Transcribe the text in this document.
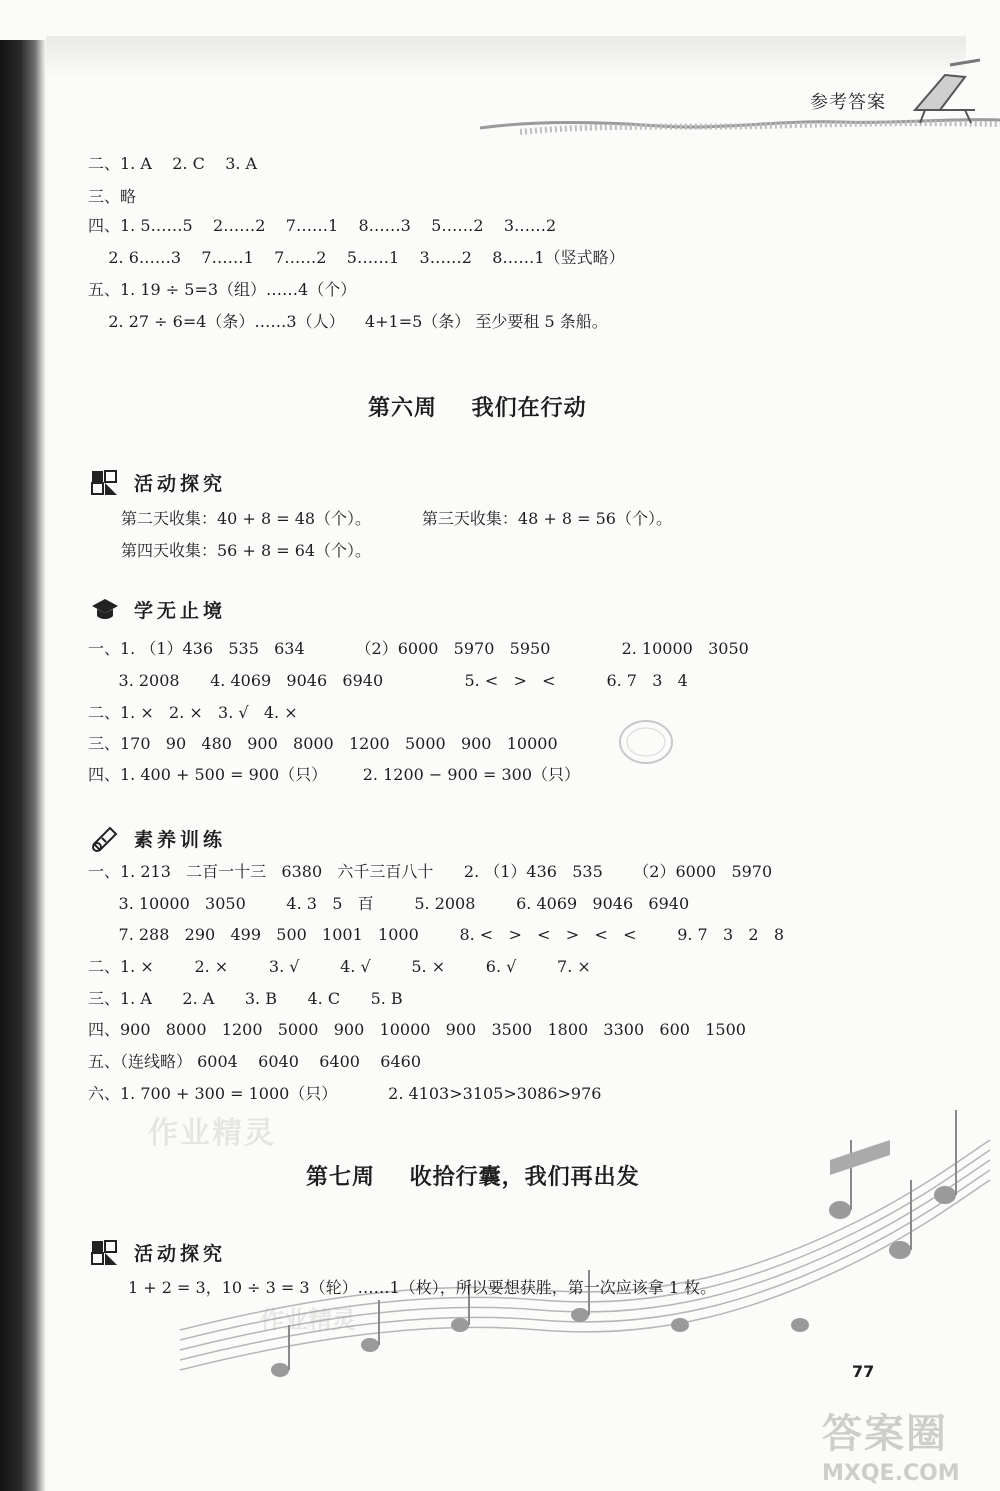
参考答案
二、1. A    2. C    3. A
三、略
四、1. 5……5    2……2    7……1    8……3    5……2    3……2
2. 6……3    7……1    7……2    5……1    3……2    8……1（竖式略）
五、1. 19 ÷ 5=3（组）……4（个）
2. 27 ÷ 6=4（条）……3（人）    4+1=5（条） 至少要租 5 条船。
第六周    我们在行动
活动探究
第二天收集：40 + 8 = 48（个）。          第三天收集：48 + 8 = 56（个）。
第四天收集：56 + 8 = 64（个）。
学无止境
一、1. （1）436   535   634          （2）6000   5970   5950              2. 10000   3050
3. 2008      4. 4069   9046   6940                5. <   >   <          6. 7   3   4
二、1. ×   2. ×   3. √   4. ×
三、170   90   480   900   8000   1200   5000   900   10000
四、1. 400 + 500 = 900（只）       2. 1200 − 900 = 300（只）
素养训练
一、1. 213   二百一十三   6380   六千三百八十      2. （1）436   535      （2）6000   5970
3. 10000   3050        4. 3   5   百        5. 2008        6. 4069   9046   6940
7. 288   290   499   500   1001   1000        8. <   >   <   >   <   <        9. 7   3   2   8
二、1. ×        2. ×        3. √        4. √        5. ×        6. √        7. ×
三、1. A      2. A      3. B      4. C      5. B
四、900   8000   1200   5000   900   10000   900   3500   1800   3300   600   1500
五、（连线略） 6004    6040    6400    6460
六、1. 700 + 300 = 1000（只）          2. 4103>3105>3086>976
作业精灵
第七周    收拾行囊，我们再出发
活动探究
1 + 2 = 3，10 ÷ 3 = 3（轮）……1（枚），所以要想获胜，第一次应该拿 1 枚。
作业精灵
77
答案圈
MXQE.COM
